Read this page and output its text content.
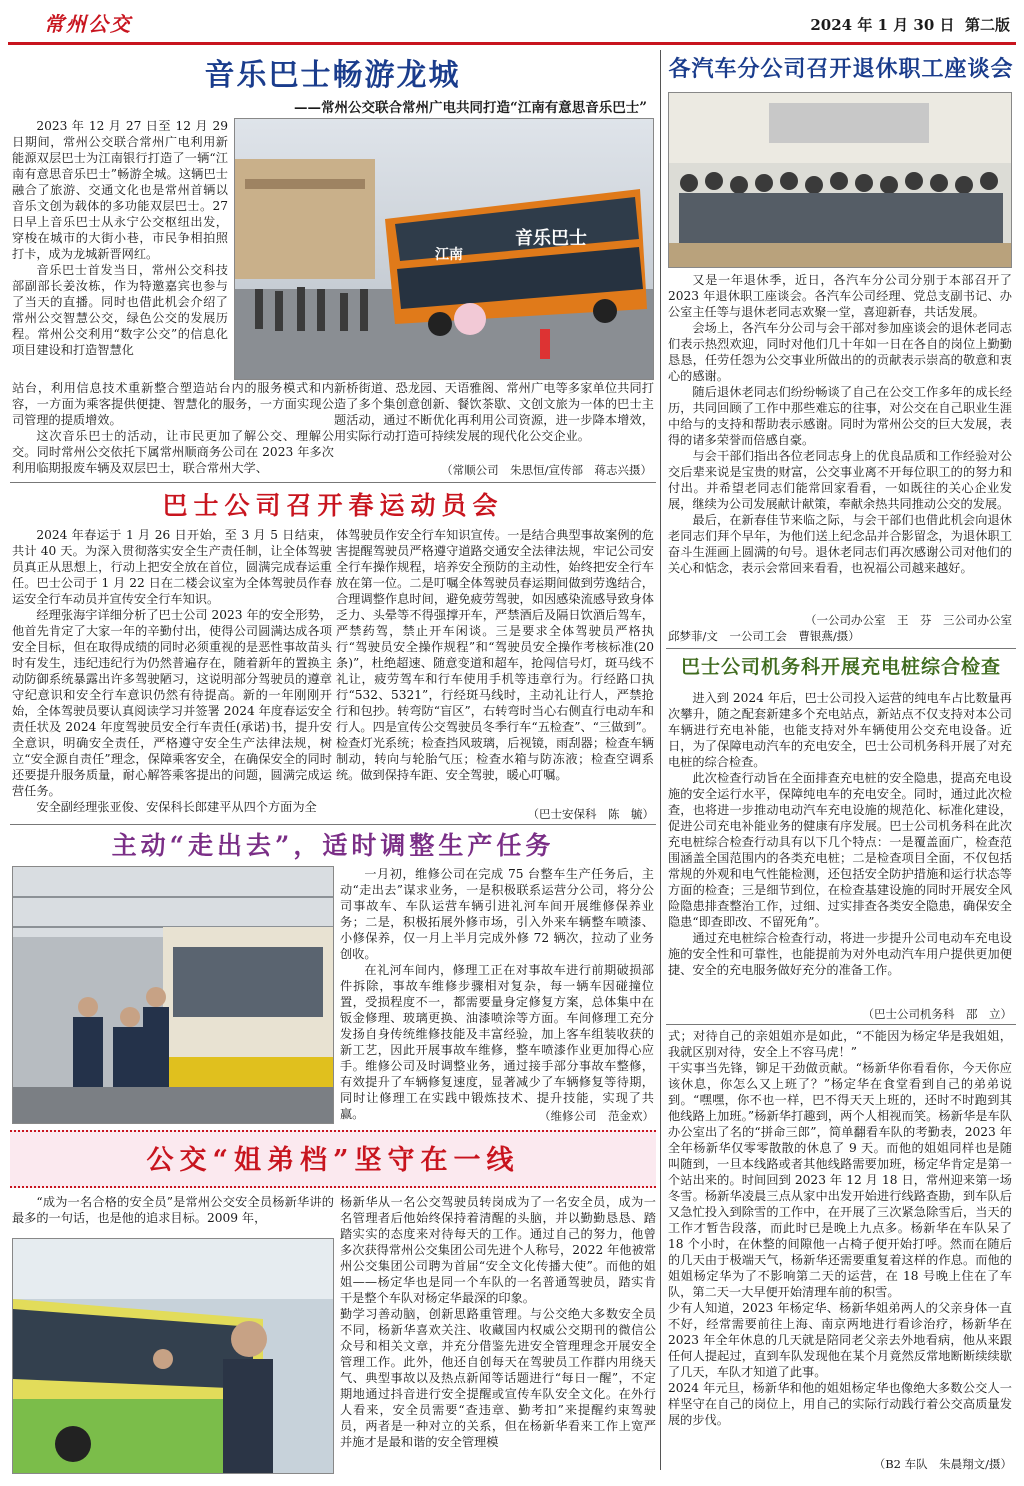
常州公交	2024 年 1 月 30 日 第二版
音乐巴士畅游龙城
——常州公交联合常州广电共同打造“江南有意思音乐巴士”

2023 年 12 月 27 日至 12 月 29 日期间，常州公交联合常州广电利用新能源双层巴士为江南银行打造了一辆“江南有意思音乐巴士”畅游全城。这辆巴士融合了旅游、交通文化也是常州首辆以音乐文创为载体的多功能双层巴士。27 日早上音乐巴士从永宁公交枢纽出发，穿梭在城市的大街小巷，市民争相拍照打卡，成为龙城新晋网红。

音乐巴士首发当日，常州公交科技部副部长姜汝栋，作为特邀嘉宾也参与了当天的直播。同时也借此机会介绍了常州公交智慧公交，绿色公交的发展历程。常州公交利用“数字公交”的信息化项目建设和打造智慧化

江南
音乐巴士

站台，利用信息技术重新整合塑造站台内的服务模式和内容，一方面为乘客提供便捷、智慧化的服务，一方面实现公司管理的提质增效。

这次音乐巴士的活动，让市民更加了解公交、理解公交。同时常州公交依托下属常州顺商务公司在 2023 年多次利用临期报废车辆及双层巴士，联合常州大学、

新桥街道、恐龙园、天语雅阁、常州广电等多家单位共同打造了多个集创意创新、餐饮茶歇、文创文旅为一体的巴士主题活动，通过不断优化再利用公司资源，进一步降本增效，用实际行动打造可持续发展的现代化公交企业。

（常顺公司　朱思恒/宣传部　蒋志兴摄）
巴士公司召开春运动员会

2024 年春运于 1 月 26 日开始，至 3 月 5 日结束，共计 40 天。为深入贯彻落实安全生产责任制，让全体驾驶员真正从思想上，行动上把安全放在首位，圆满完成春运重任。巴士公司于 1 月 22 日在二楼会议室为全体驾驶员作春运安全行车动员并宣传安全行车知识。

经理张海宇详细分析了巴士公司 2023 年的安全形势，他首先肯定了大家一年的辛勤付出，使得公司圆满达成各项安全目标，但在取得成绩的同时必须重视的是恶性事故苗头时有发生，违纪违纪行为仍然普遍存在，随着新年的置换主动防御系统暴露出许多驾驶陋习，这说明部分驾驶员的遵章守纪意识和安全行车意识仍然有待提高。新的一年刚刚开始，全体驾驶员要认真阅读学习并签署 2024 年度春运安全责任状及 2024 年度驾驶员安全行车责任(承诺)书，提升安全意识，明确安全责任，严格遵守安全生产法律法规，树立“安全源自责任”理念，保障乘客安全，在确保安全的同时还要提升服务质量，耐心解答乘客提出的问题，圆满完成运营任务。

安全副经理张亚俊、安保科长郎建平从四个方面为全

体驾驶员作安全行车知识宣传。一是结合典型事故案例的危害提醒驾驶员严格遵守道路交通安全法律法规，牢记公司安全行车操作规程，培养安全预防的主动性，始终把安全行车放在第一位。二是叮嘱全体驾驶员春运期间做到劳逸结合，合理调整作息时间，避免疲劳驾驶，如因感染流感导致身体乏力、头晕等不得强撑开车，严禁酒后及隔日饮酒后驾车，严禁药驾，禁止开车闲谈。三是要求全体驾驶员严格执行“驾驶员安全操作规程”和“驾驶员安全操作考核标准(20 条)”，杜绝超速、随意变道和超车，抢闯信号灯，斑马线不礼让，疲劳驾车和行车使用手机等违章行为。行经路口执行“532、5321”，行经斑马线时，主动礼让行人，严禁抢行和包抄。转弯防“盲区”，右转弯时当心右侧直行电动车和行人。四是宣传公交驾驶员冬季行车“五检查”、“三做到”。检查灯光系统；检查挡风玻璃，后视镜，雨刮器；检查车辆制动，转向与轮胎气压；检查水箱与防冻液；检查空调系统。做到保持车距、安全驾驶，暖心叮嘱。

（巴士安保科　陈　毓）
主动“走出去”，适时调整生产任务

一月初，维修公司在完成 75 台整车生产任务后，主动“走出去”谋求业务，一是积极联系运营分公司，将分公司事故车、车队运营车辆引进礼河车间开展维修保养业务；二是，积极拓展外修市场，引入外来车辆整车喷漆、小修保养，仅一月上半月完成外修 72 辆次，拉动了业务创收。

在礼河车间内，修理工正在对事故车进行前期破损部件拆除，事故车维修步骤相对复杂，每一辆车因碰撞位置，受损程度不一，都需要量身定修复方案，总体集中在钣金修理、玻璃更换、油漆喷涂等方面。车间修理工充分发扬自身传统维修技能及丰富经验，加上客车组装收获的新工艺，因此开展事故车维修，整车喷漆作业更加得心应手。维修公司及时调整业务，通过接手部分事故车整修，有效提升了车辆修复速度，显著减少了车辆修复等待期，同时让修理工在实践中锻炼技术、提升技能，实现了共赢。	（维修公司　范金欢）
公交“姐弟档”坚守在一线

“成为一名合格的安全员”是常州公交安全员杨新华讲的最多的一句话，也是他的追求目标。2009 年，

杨新华从一名公交驾驶员转岗成为了一名安全员，成为一名管理者后他始终保持着清醒的头脑，并以勤勤恳恳、踏踏实实的态度来对待每天的工作。通过自己的努力，他曾多次获得常州公交集团公司先进个人称号，2022 年他被常州公交集团公司聘为首届“安全文化传播大使”。而他的姐姐——杨定华也是同一个车队的一名普通驾驶员，踏实肯干是整个车队对杨定华最深的印象。

勤学习善动脑，创新思路重管理。与公交绝大多数安全员不同，杨新华喜欢关注、收藏国内权威公交期刊的微信公众号和相关文章，并充分借鉴先进安全管理理念开展安全管理工作。此外，他还自创每天在驾驶员工作群内用绕天气、典型事故以及热点新闻等话题进行“每日一醒”，不定期地通过抖音进行安全提醒或宣传车队安全文化。在外行人看来，安全员需要“查违章、勤考扣”来提醒约束驾驶员，两者是一种对立的关系，但在杨新华看来工作上宽严并施才是最和谐的安全管理模

各汽车分公司召开退休职工座谈会

又是一年退休季，近日，各汽车分公司分别于本部召开了 2023 年退休职工座谈会。各汽车公司经理、党总支副书记、办公室主任等与退休老同志欢聚一堂，喜迎新春，共话发展。

会场上，各汽车分公司与会干部对参加座谈会的退休老同志们表示热烈欢迎，同时对他们几十年如一日在各自的岗位上勤勤恳恳，任劳任怨为公交事业所做出的的贡献表示崇高的敬意和衷心的感谢。

随后退休老同志们纷纷畅谈了自己在公交工作多年的成长经历，共同回顾了工作中那些难忘的往事，对公交在自己职业生涯中给与的支持和帮助表示感谢。同时为常州公交的巨大发展，表得的诸多荣誉而倍感自豪。

与会干部们指出各位老同志身上的优良品质和工作经验对公交后辈来说是宝贵的财富，公交事业离不开每位职工的的努力和付出。并希望老同志们能常回家看看，一如既往的关心企业发展，继续为公司发展献计献策，奉献余热共同推动公交的发展。

最后，在新春佳节来临之际，与会干部们也借此机会向退休老同志们拜个早年，为他们送上纪念品并合影留念，为退休职工奋斗生涯画上圆满的句号。退休老同志们再次感谢公司对他们的关心和惦念，表示会常回来看看，也祝福公司越来越好。

（一公司办公室　王　芬　三公司办公室
邱梦菲/文　一公司工会　曹银燕/摄）
巴士公司机务科开展充电桩综合检查

进入到 2024 年后，巴士公司投入运营的纯电车占比数量再次攀升，随之配套新建多个充电站点，新站点不仅支持对本公司车辆进行充电补能，也能支持对外车辆使用公交充电设备。近日，为了保障电动汽车的充电安全，巴士公司机务科开展了对充电桩的综合检查。

此次检查行动旨在全面排查充电桩的安全隐患，提高充电设施的安全运行水平，保障纯电车的充电安全。同时，通过此次检查，也将进一步推动电动汽车充电设施的规范化、标准化建设，促进公司充电补能业务的健康有序发展。巴士公司机务科在此次充电桩综合检查行动具有以下几个特点：一是覆盖面广，检查范围涵盖全国范围内的各类充电桩；二是检查项目全面，不仅包括常规的外观和电气性能检测，还包括安全防护措施和运行状态等方面的检查；三是细节到位，在检查基建设施的同时开展安全风险隐患排查整治工作，过细、过实排查各类安全隐患，确保安全隐患“即查即改、不留死角”。

通过充电桩综合检查行动，将进一步提升公司电动车充电设施的安全性和可靠性，也能提前为对外电动汽车用户提供更加便捷、安全的充电服务做好充分的准备工作。

（巴士公司机务科　邵　立）

式；对待自己的亲姐姐亦是如此，“不能因为杨定华是我姐姐，我就区别对待，安全上不容马虎！”

干实事当先锋，铆足干劲做贡献。“杨新华你看看你，今天你应该休息，你怎么又上班了？”杨定华在食堂看到自己的弟弟说到。“嘿嘿，你不也一样，巴不得天天上班的，还时不时跑到其他线路上加班。”杨新华打趣到，两个人相视而笑。杨新华是车队办公室出了名的“拼命三郎”，简单翻看车队的考勤表，2023 年全年杨新华仅零零散散的休息了 9 天。而他的姐姐同样也是随叫随到，一旦本线路或者其他线路需要加班，杨定华肯定是第一个站出来的。时间回到 2023 年 12 月 18 日，常州迎来第一场冬雪。杨新华凌晨三点从家中出发开始进行线路查勘，到车队后又急忙投入到除雪的工作中，在开展了三次紧急除雪后，当天的工作才暂告段落，而此时已是晚上九点多。杨新华在车队呆了 18 个小时，在休整的间隙他一占椅子便开始打呼。然而在随后的几天由于极端天气，杨新华还需要重复着这样的作息。而他的姐姐杨定华为了不影响第二天的运营，在 18 号晚上住在了车队，第二天一大早便开始清理车前的积雪。

少有人知道，2023 年杨定华、杨新华姐弟两人的父亲身体一直不好，经常需要前往上海、南京两地进行看诊治疗，杨新华在 2023 年全年休息的几天就是陪同老父亲去外地看病，他从来跟任何人提起过，直到车队发现他在某个月竟然反常地断断续续歇了几天，车队才知道了此事。

2024 年元旦，杨新华和他的姐姐杨定华也像绝大多数公交人一样坚守在自己的岗位上，用自己的实际行动践行着公交高质量发展的步伐。

（B2 车队　朱晨翔文/摄）
